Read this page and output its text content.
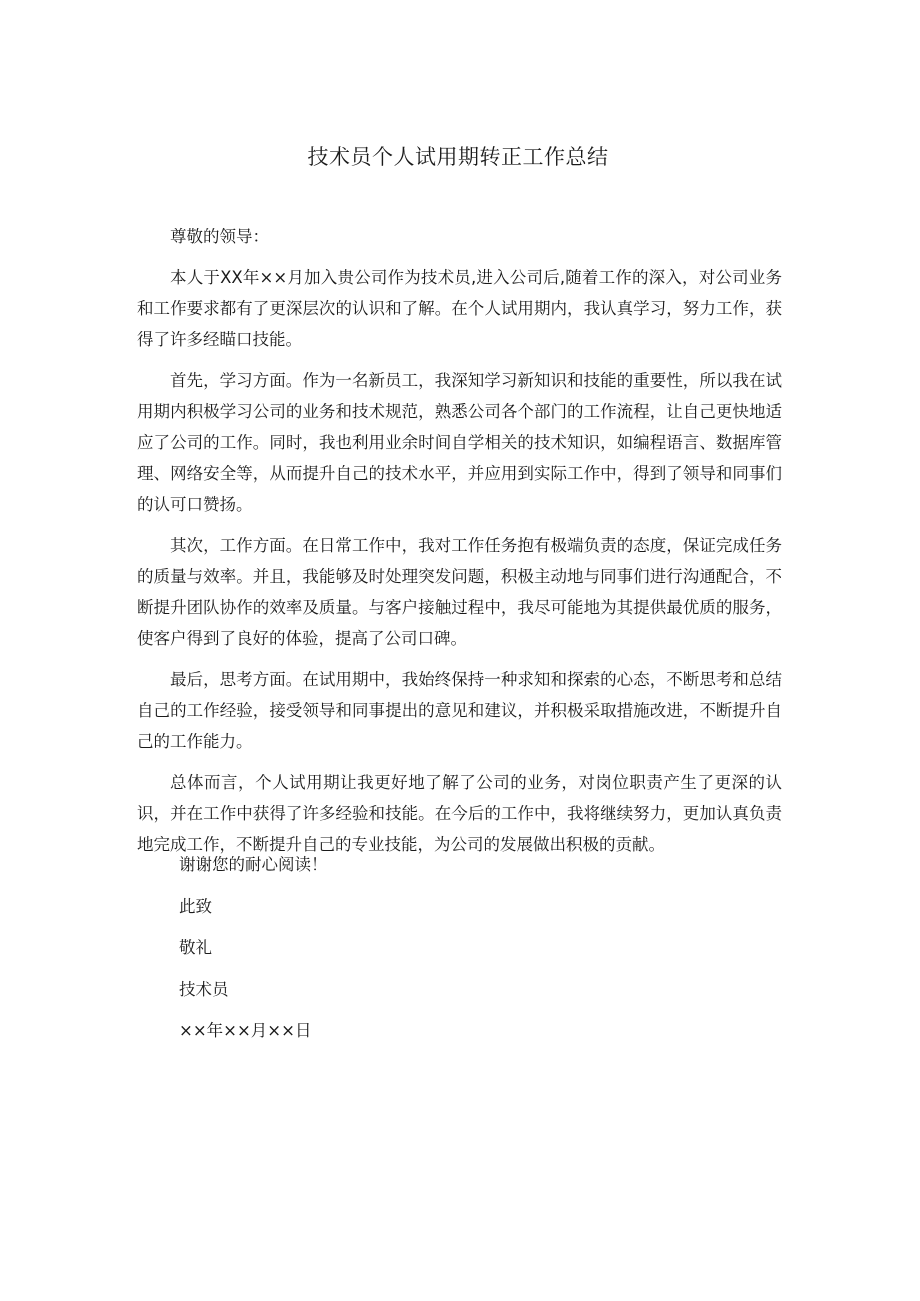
技术员个人试用期转正工作总结

尊敬的领导：

本人于XX年××月加入贵公司作为技术员,进入公司后,随着工作的深入，对公司业务和工作要求都有了更深层次的认识和了解。在个人试用期内，我认真学习，努力工作，获得了许多经瞄口技能。

首先，学习方面。作为一名新员工，我深知学习新知识和技能的重要性，所以我在试用期内积极学习公司的业务和技术规范，熟悉公司各个部门的工作流程，让自己更快地适应了公司的工作。同时，我也利用业余时间自学相关的技术知识，如编程语言、数据库管理、网络安全等，从而提升自己的技术水平，并应用到实际工作中，得到了领导和同事们的认可口赞扬。

其次，工作方面。在日常工作中，我对工作任务抱有极端负责的态度，保证完成任务的质量与效率。并且，我能够及时处理突发问题，积极主动地与同事们进行沟通配合，不断提升团队协作的效率及质量。与客户接触过程中，我尽可能地为其提供最优质的服务，使客户得到了良好的体验，提高了公司口碑。

最后，思考方面。在试用期中，我始终保持一种求知和探索的心态，不断思考和总结自己的工作经验，接受领导和同事提出的意见和建议，并积极采取措施改进，不断提升自己的工作能力。

总体而言，个人试用期让我更好地了解了公司的业务，对岗位职责产生了更深的认识，并在工作中获得了许多经验和技能。在今后的工作中，我将继续努力，更加认真负责地完成工作，不断提升自己的专业技能，为公司的发展做出积极的贡献。

谢谢您的耐心阅读！

此致

敬礼

技术员

××年××月××日
